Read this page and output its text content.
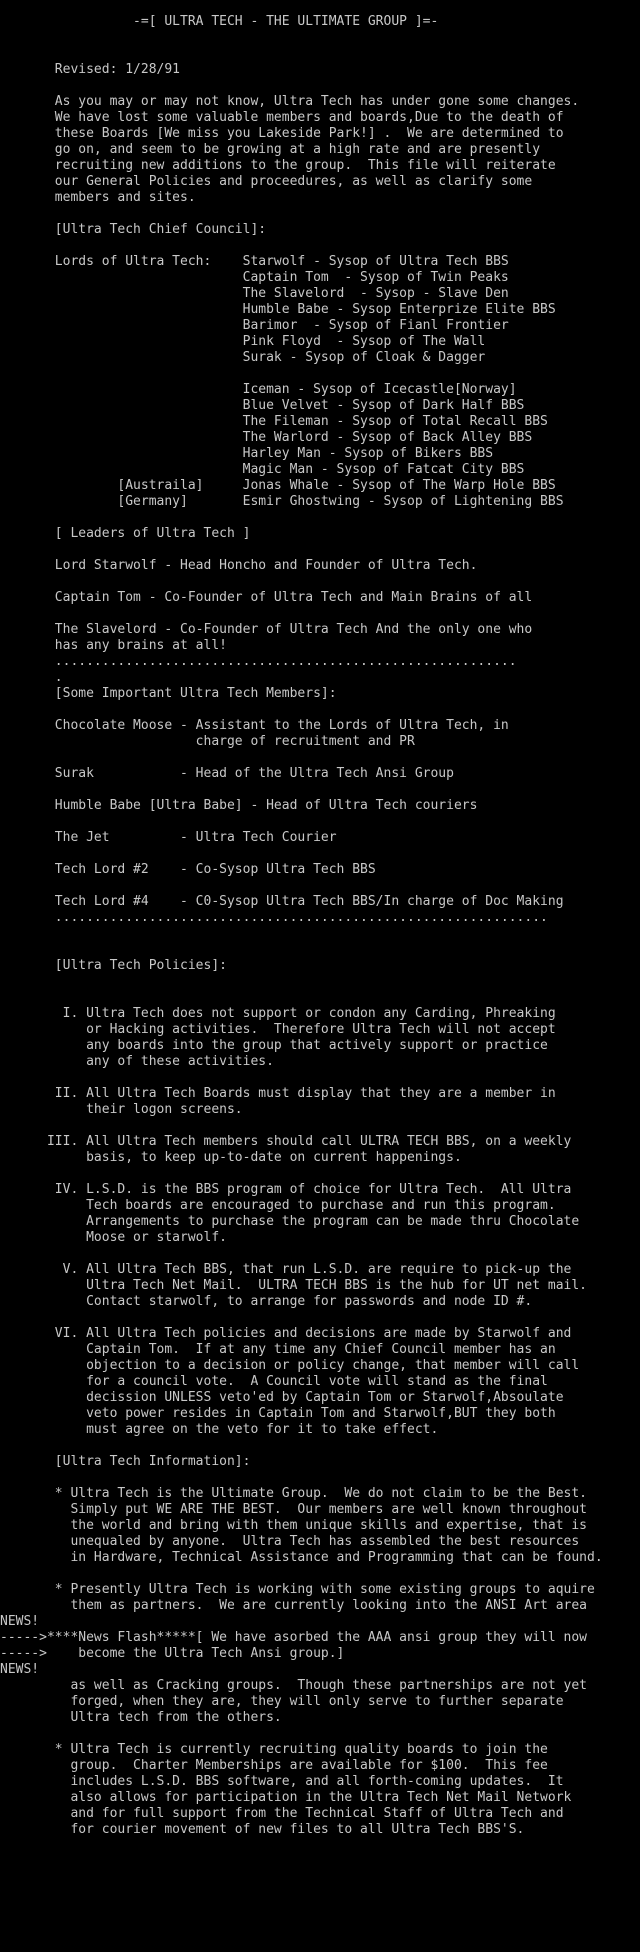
-=[ ULTRA TECH - THE ULTIMATE GROUP ]=-
Revised: 1/28/91
As you may or may not know, Ultra Tech has under gone some changes.
We have lost some valuable members and boards,Due to the death of
these Boards [We miss you Lakeside Park!] .  We are determined to
go on, and seem to be growing at a high rate and are presently
recruiting new additions to the group.  This file will reiterate
our General Policies and proceedures, as well as clarify some
members and sites.
[Ultra Tech Chief Council]:
Lords of Ultra Tech:    Starwolf - Sysop of Ultra Tech BBS
Captain Tom  - Sysop of Twin Peaks
The Slavelord  - Sysop - Slave Den
Humble Babe - Sysop Enterprize Elite BBS
Barimor  - Sysop of Fianl Frontier
Pink Floyd  - Sysop of The Wall
Surak - Sysop of Cloak & Dagger
Iceman - Sysop of Icecastle[Norway]
Blue Velvet - Sysop of Dark Half BBS
The Fileman - Sysop of Total Recall BBS
The Warlord - Sysop of Back Alley BBS
Harley Man - Sysop of Bikers BBS
Magic Man - Sysop of Fatcat City BBS
[Austraila]     Jonas Whale - Sysop of The Warp Hole BBS
[Germany]       Esmir Ghostwing - Sysop of Lightening BBS
[ Leaders of Ultra Tech ]
Lord Starwolf - Head Honcho and Founder of Ultra Tech.
Captain Tom - Co-Founder of Ultra Tech and Main Brains of all
The Slavelord - Co-Founder of Ultra Tech And the only one who
has any brains at all!
...........................................................
.
[Some Important Ultra Tech Members]:
Chocolate Moose - Assistant to the Lords of Ultra Tech, in
charge of recruitment and PR
Surak           - Head of the Ultra Tech Ansi Group
Humble Babe [Ultra Babe] - Head of Ultra Tech couriers
The Jet         - Ultra Tech Courier
Tech Lord #2    - Co-Sysop Ultra Tech BBS
Tech Lord #4    - C0-Sysop Ultra Tech BBS/In charge of Doc Making
...............................................................
[Ultra Tech Policies]:
I. Ultra Tech does not support or condon any Carding, Phreaking
or Hacking activities.  Therefore Ultra Tech will not accept
any boards into the group that actively support or practice
any of these activities.
II. All Ultra Tech Boards must display that they are a member in
their logon screens.
III. All Ultra Tech members should call ULTRA TECH BBS, on a weekly
basis, to keep up-to-date on current happenings.
IV. L.S.D. is the BBS program of choice for Ultra Tech.  All Ultra
Tech boards are encouraged to purchase and run this program.
Arrangements to purchase the program can be made thru Chocolate
Moose or starwolf.
V. All Ultra Tech BBS, that run L.S.D. are require to pick-up the
Ultra Tech Net Mail.  ULTRA TECH BBS is the hub for UT net mail.
Contact starwolf, to arrange for passwords and node ID #.
VI. All Ultra Tech policies and decisions are made by Starwolf and
Captain Tom.  If at any time any Chief Council member has an
objection to a decision or policy change, that member will call
for a council vote.  A Council vote will stand as the final
decission UNLESS veto'ed by Captain Tom or Starwolf,Absoulate
veto power resides in Captain Tom and Starwolf,BUT they both
must agree on the veto for it to take effect.
[Ultra Tech Information]:
* Ultra Tech is the Ultimate Group.  We do not claim to be the Best.
Simply put WE ARE THE BEST.  Our members are well known throughout
the world and bring with them unique skills and expertise, that is
unequaled by anyone.  Ultra Tech has assembled the best resources
in Hardware, Technical Assistance and Programming that can be found.
* Presently Ultra Tech is working with some existing groups to aquire
them as partners.  We are currently looking into the ANSI Art area
NEWS!
----->****News Flash*****[ We have asorbed the AAA ansi group they will now
----->    become the Ultra Tech Ansi group.]
NEWS!
as well as Cracking groups.  Though these partnerships are not yet
forged, when they are, they will only serve to further separate
Ultra tech from the others.
* Ultra Tech is currently recruiting quality boards to join the
group.  Charter Memberships are available for $100.  This fee
includes L.S.D. BBS software, and all forth-coming updates.  It
also allows for participation in the Ultra Tech Net Mail Network
and for full support from the Technical Staff of Ultra Tech and
for courier movement of new files to all Ultra Tech BBS'S.
